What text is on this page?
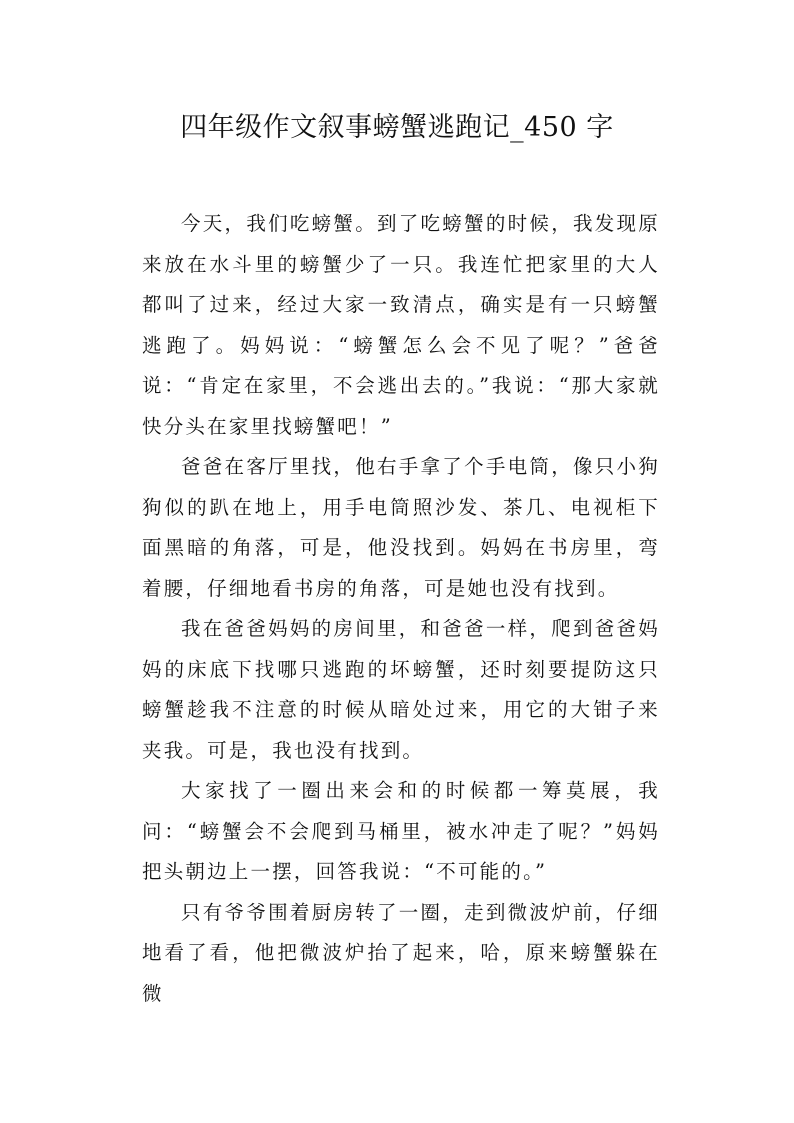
四年级作文叙事螃蟹逃跑记_450 字

今天，我们吃螃蟹。到了吃螃蟹的时候，我发现原来放在水斗里的螃蟹少了一只。我连忙把家里的大人都叫了过来，经过大家一致清点，确实是有一只螃蟹逃跑了。妈妈说：“螃蟹怎么会不见了呢？”爸爸说：“肯定在家里，不会逃出去的。”我说：“那大家就快分头在家里找螃蟹吧！”

爸爸在客厅里找，他右手拿了个手电筒，像只小狗狗似的趴在地上，用手电筒照沙发、茶几、电视柜下面黑暗的角落，可是，他没找到。妈妈在书房里，弯着腰，仔细地看书房的角落，可是她也没有找到。

我在爸爸妈妈的房间里，和爸爸一样，爬到爸爸妈妈的床底下找哪只逃跑的坏螃蟹，还时刻要提防这只螃蟹趁我不注意的时候从暗处过来，用它的大钳子来夹我。可是，我也没有找到。

大家找了一圈出来会和的时候都一筹莫展，我问：“螃蟹会不会爬到马桶里，被水冲走了呢？”妈妈把头朝边上一摆，回答我说：“不可能的。”

只有爷爷围着厨房转了一圈，走到微波炉前，仔细地看了看，他把微波炉抬了起来，哈，原来螃蟹躲在微
